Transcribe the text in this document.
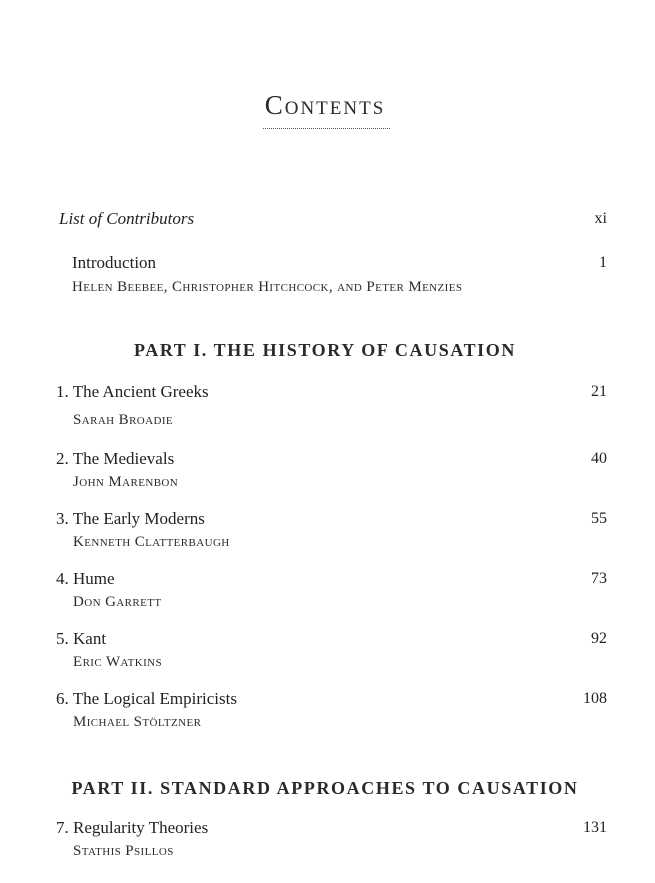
Contents
List of Contributors	xi
Introduction	1
Helen Beebee, Christopher Hitchcock, and Peter Menzies
PART I. THE HISTORY OF CAUSATION
1. The Ancient Greeks	21
Sarah Broadie
2. The Medievals	40
John Marenbon
3. The Early Moderns	55
Kenneth Clatterbaugh
4. Hume	73
Don Garrett
5. Kant	92
Eric Watkins
6. The Logical Empiricists	108
Michael Stöltzner
PART II. STANDARD APPROACHES TO CAUSATION
7. Regularity Theories	131
Stathis Psillos
